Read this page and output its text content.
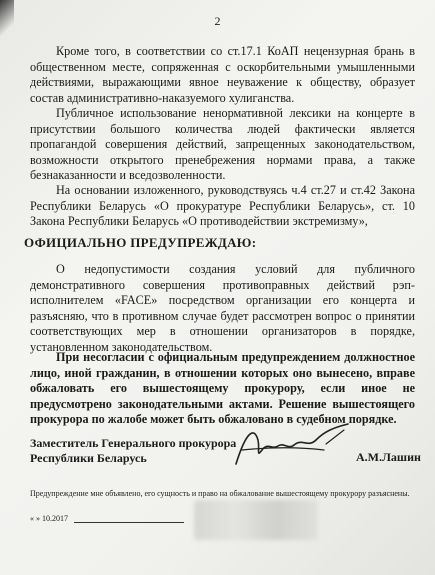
2

Кроме того, в соответствии со ст.17.1 КоАП нецензурная брань в общественном месте, сопряженная с оскорбительными умышленными действиями, выражающими явное неуважение к обществу, образует состав административно-наказуемого хулиганства.

Публичное использование ненормативной лексики на концерте в присутствии большого количества людей фактически является пропагандой совершения действий, запрещенных законодательством, возможности открытого пренебрежения нормами права, а также безнаказанности и вседозволенности.

На основании изложенного, руководствуясь ч.4 ст.27 и ст.42 Закона Республики Беларусь «О прокуратуре Республики Беларусь», ст. 10 Закона Республики Беларусь «О противодействии экстремизму»,

ОФИЦИАЛЬНО ПРЕДУПРЕЖДАЮ:

О недопустимости создания условий для публичного демонстративного совершения противоправных действий рэп-исполнителем «FACE» посредством организации его концерта и разъясняю, что в противном случае будет рассмотрен вопрос о принятии соответствующих мер в отношении организаторов в порядке, установленном законодательством.

При несогласии с официальным предупреждением должностное лицо, иной гражданин, в отношении которых оно вынесено, вправе обжаловать его вышестоящему прокурору, если иное не предусмотрено законодательными актами. Решение вышестоящего прокурора по жалобе может быть обжаловано в судебном порядке.

Заместитель Генерального прокурора
Республики Беларусь	А.М.Лашин
Предупреждение мне объявлено, его сущность и право на обжалование вышестоящему прокурору разъяснены.
« » 10.2017
